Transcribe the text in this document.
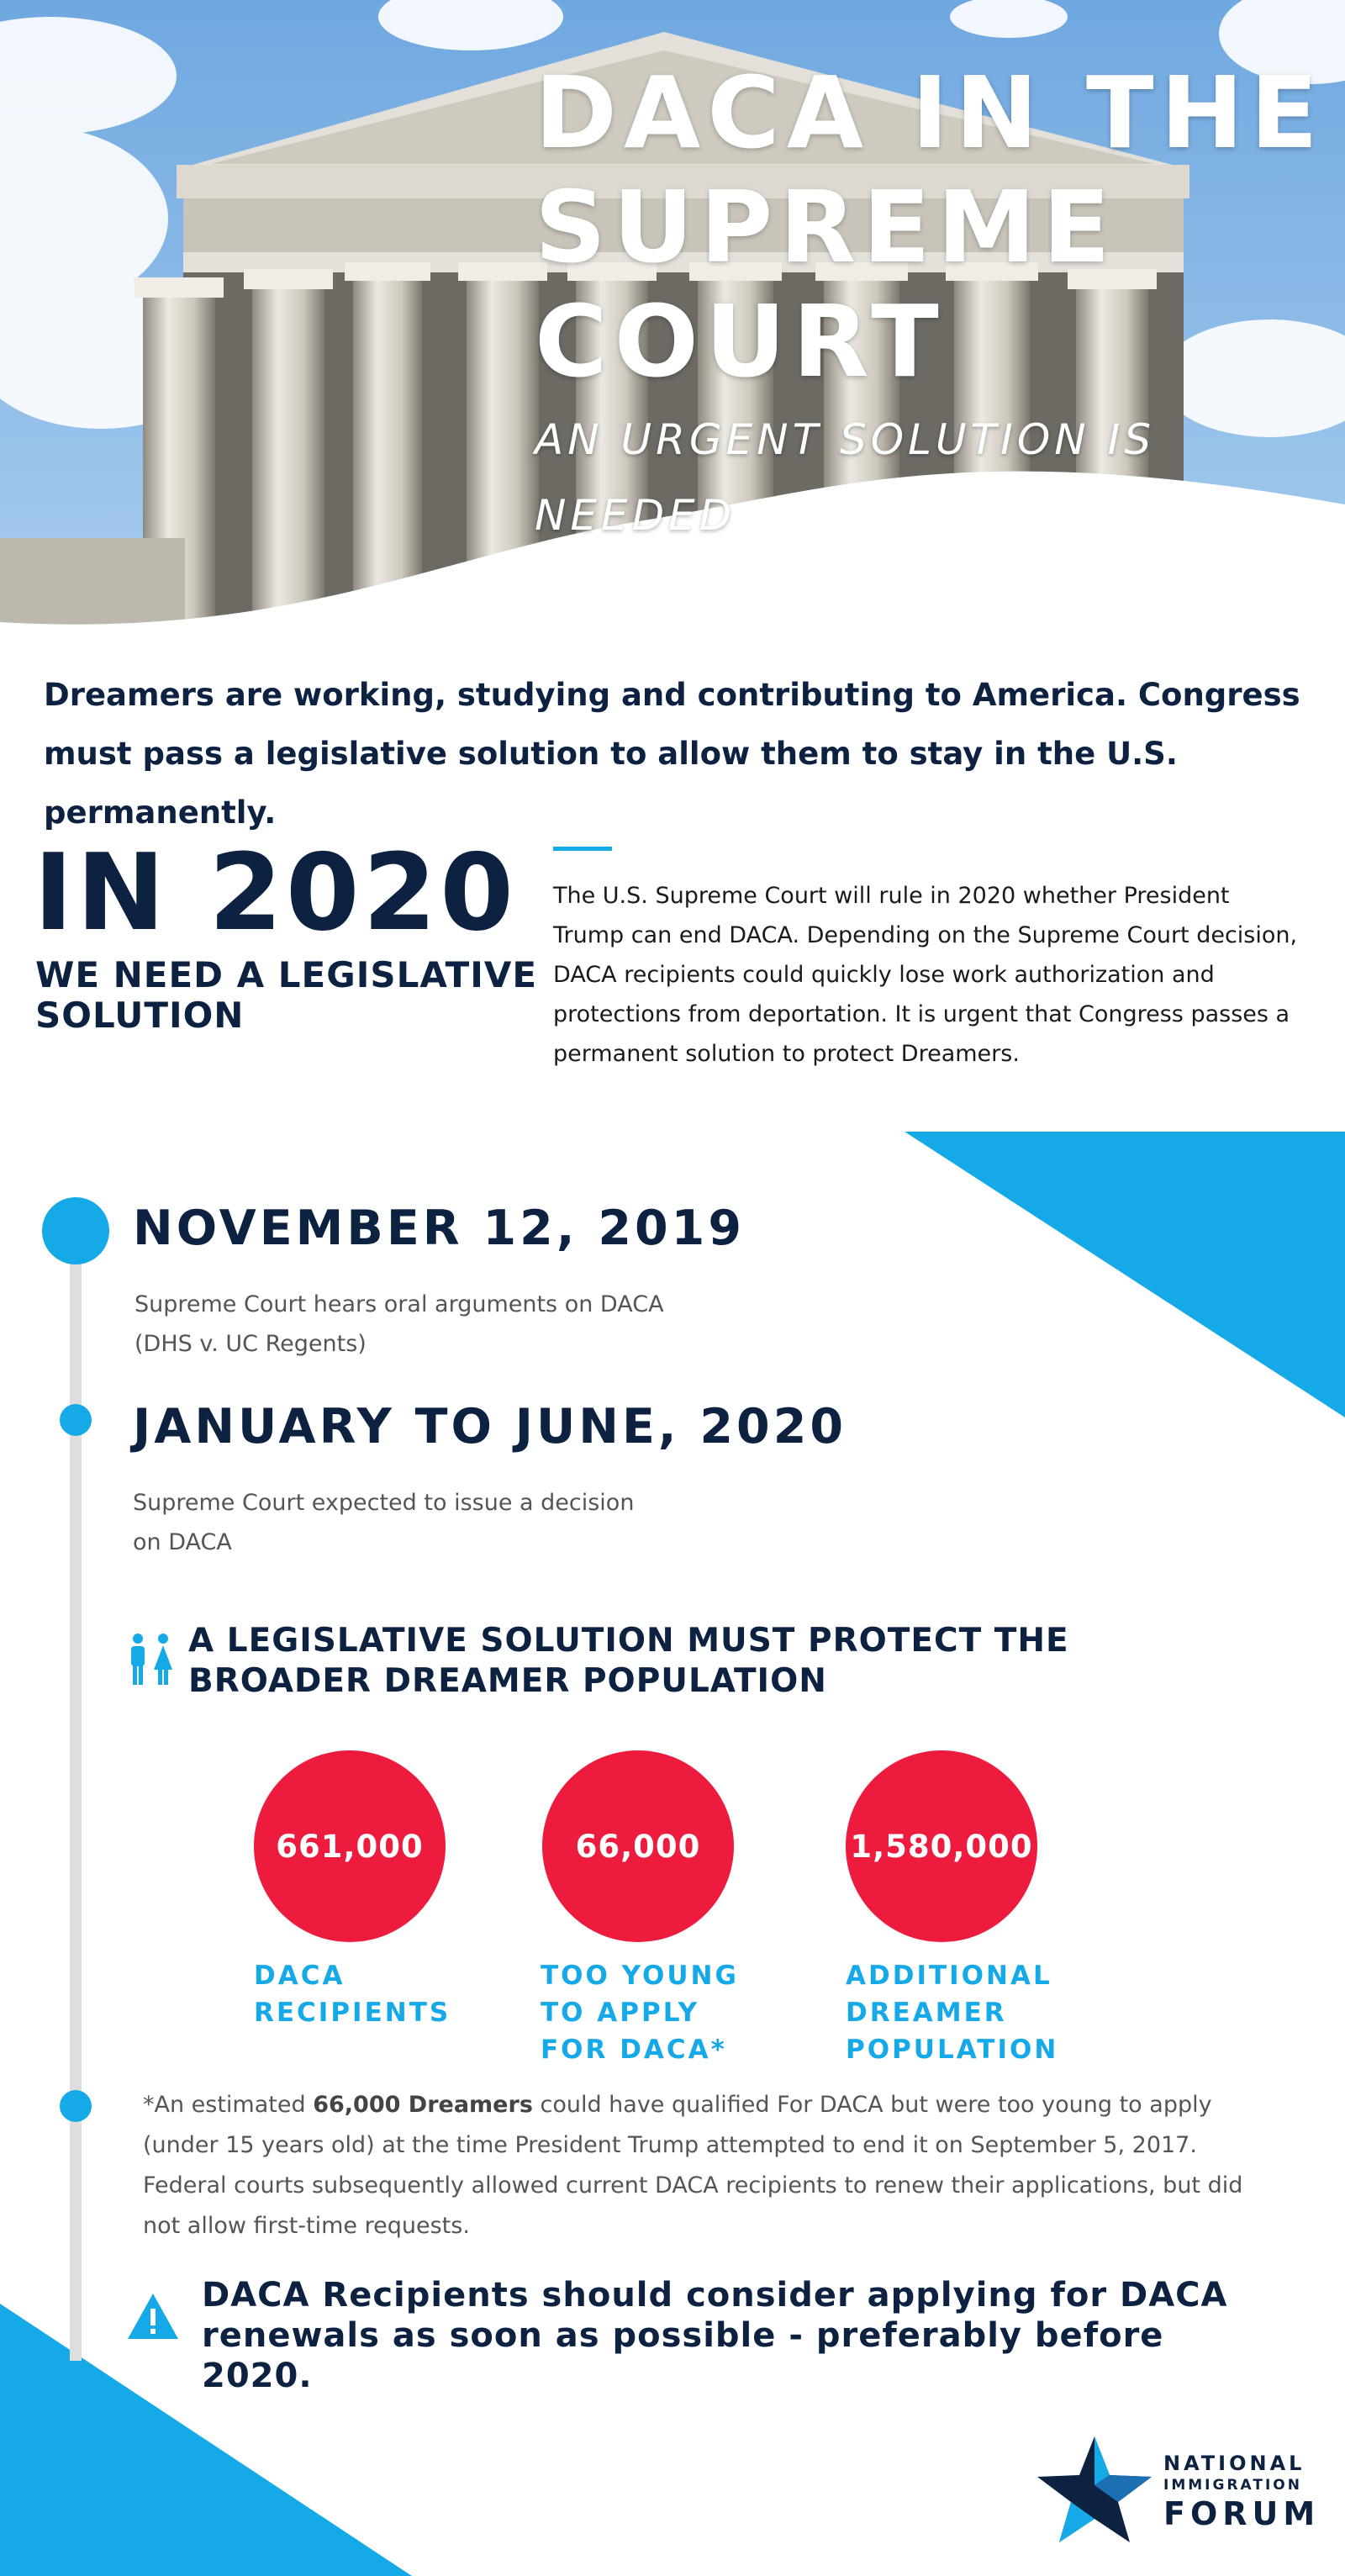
DACA IN THE SUPREME COURT
AN URGENT SOLUTION IS NEEDED
Dreamers are working, studying and contributing to America. Congress must pass a legislative solution to allow them to stay in the U.S. permanently.
IN 2020
WE NEED A LEGISLATIVE SOLUTION
The U.S. Supreme Court will rule in 2020 whether President Trump can end DACA. Depending on the Supreme Court decision, DACA recipients could quickly lose work authorization and protections from deportation. It is urgent that Congress passes a permanent solution to protect Dreamers.
NOVEMBER 12, 2019
Supreme Court hears oral arguments on DACA
(DHS v. UC Regents)
JANUARY TO JUNE, 2020
Supreme Court expected to issue a decision
on DACA
A LEGISLATIVE SOLUTION MUST PROTECT THE BROADER DREAMER POPULATION
661,000	66,000	1,580,000
DACA RECIPIENTS
TOO YOUNG TO APPLY FOR DACA*
ADDITIONAL DREAMER POPULATION
*An estimated 66,000 Dreamers could have qualified For DACA but were too young to apply (under 15 years old) at the time President Trump attempted to end it on September 5, 2017. Federal courts subsequently allowed current DACA recipients to renew their applications, but did not allow first-time requests.
DACA Recipients should consider applying for DACA renewals as soon as possible - preferably before 2020.
NATIONAL
IMMIGRATION
FORUM
